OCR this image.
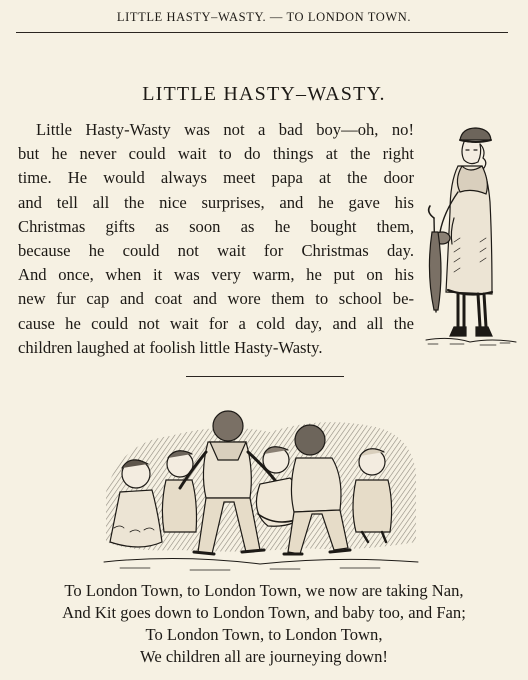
LITTLE HASTY–WASTY. — TO LONDON TOWN.
LITTLE HASTY–WASTY.
Little Hasty-Wasty was not a bad boy—oh, no!
but he never could wait to do things at the right
time. He would always meet papa at the door
and tell all the nice surprises, and he gave his
Christmas gifts as soon as he bought them,
because he could not wait for Christmas day.
And once, when it was very warm, he put on his
new fur cap and coat and wore them to school be-
cause he could not wait for a cold day, and all the
children laughed at foolish little Hasty-Wasty.
To London Town, to London Town, we now are taking Nan,
And Kit goes down to London Town, and baby too, and Fan;
To London Town, to London Town,
We children all are journeying down!
